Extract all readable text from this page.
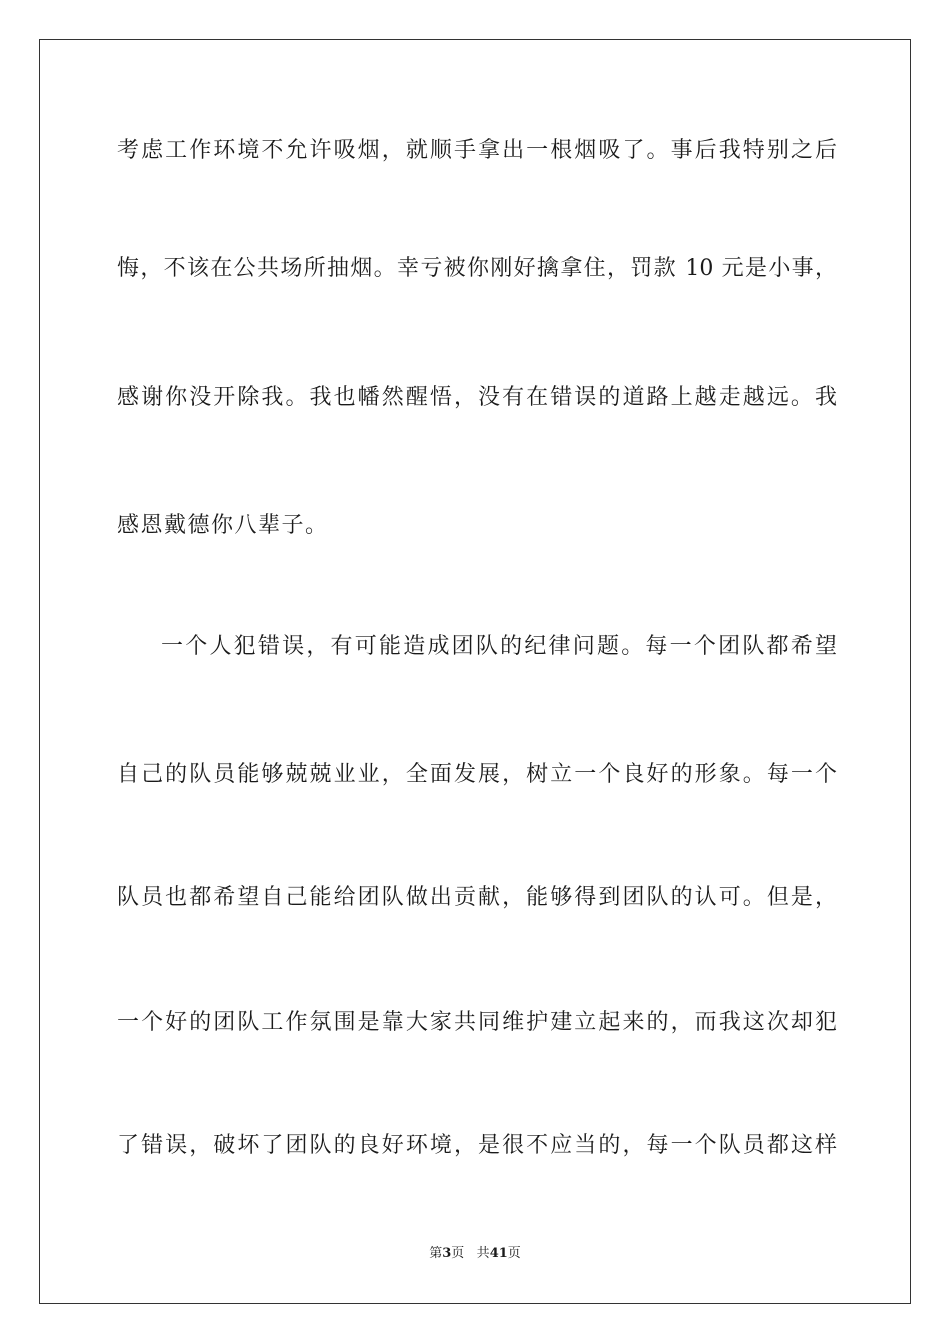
考虑工作环境不允许吸烟，就顺手拿出一根烟吸了。事后我特别之后
悔，不该在公共场所抽烟。幸亏被你刚好擒拿住，罚款 10 元是小事，
感谢你没开除我。我也幡然醒悟，没有在错误的道路上越走越远。我
感恩戴德你八辈子。
一个人犯错误，有可能造成团队的纪律问题。每一个团队都希望
自己的队员能够兢兢业业，全面发展，树立一个良好的形象。每一个
队员也都希望自己能给团队做出贡献，能够得到团队的认可。但是，
一个好的团队工作氛围是靠大家共同维护建立起来的，而我这次却犯
了错误，破坏了团队的良好环境，是很不应当的，每一个队员都这样
第3页 共41页
